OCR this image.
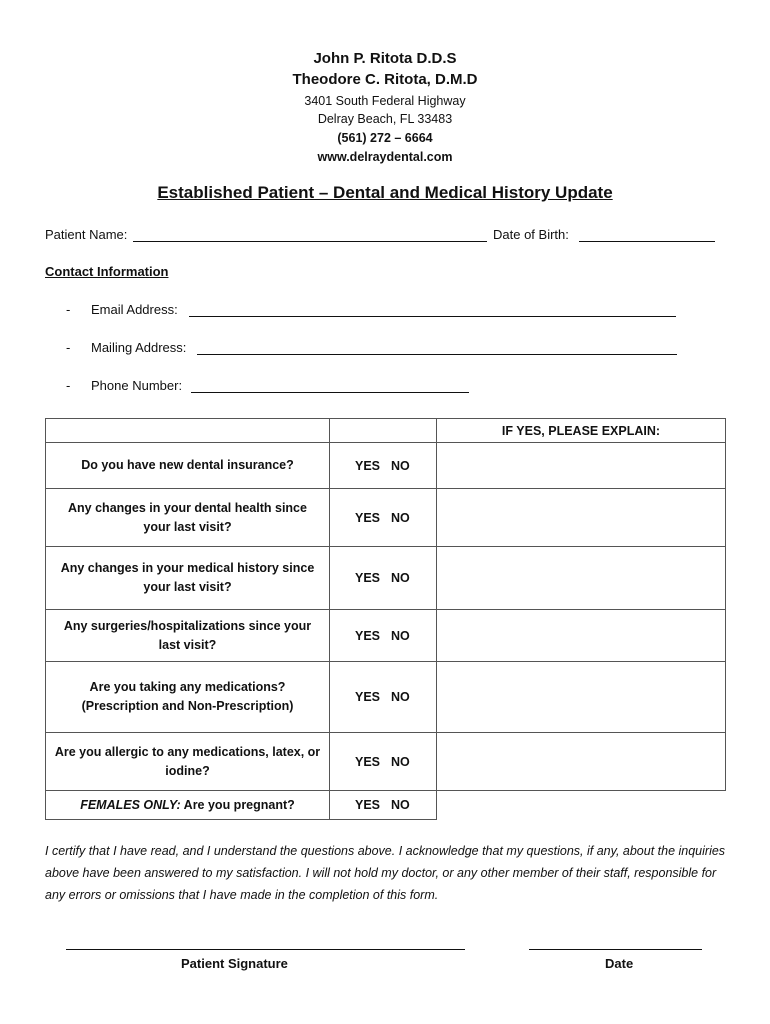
John P. Ritota D.D.S
Theodore C. Ritota, D.M.D
3401 South Federal Highway
Delray Beach, FL 33483
(561) 272 – 6664
www.delraydental.com
Established Patient – Dental and Medical History Update
Patient Name:	Date of Birth:
Contact Information
- Email Address:
- Mailing Address:
- Phone Number:
		IF YES, PLEASE EXPLAIN:
Do you have new dental insurance?	YES NO	
Any changes in your dental health since your last visit?	YES NO	
Any changes in your medical history since your last visit?	YES NO	
Any surgeries/hospitalizations since your last visit?	YES NO	
Are you taking any medications? (Prescription and Non-Prescription)	YES NO	
Are you allergic to any medications, latex, or iodine?	YES NO	
FEMALES ONLY: Are you pregnant?	YES NO	
I certify that I have read, and I understand the questions above. I acknowledge that my questions, if any, about the inquiries above have been answered to my satisfaction. I will not hold my doctor, or any other member of their staff, responsible for any errors or omissions that I have made in the completion of this form.
Patient Signature	Date
